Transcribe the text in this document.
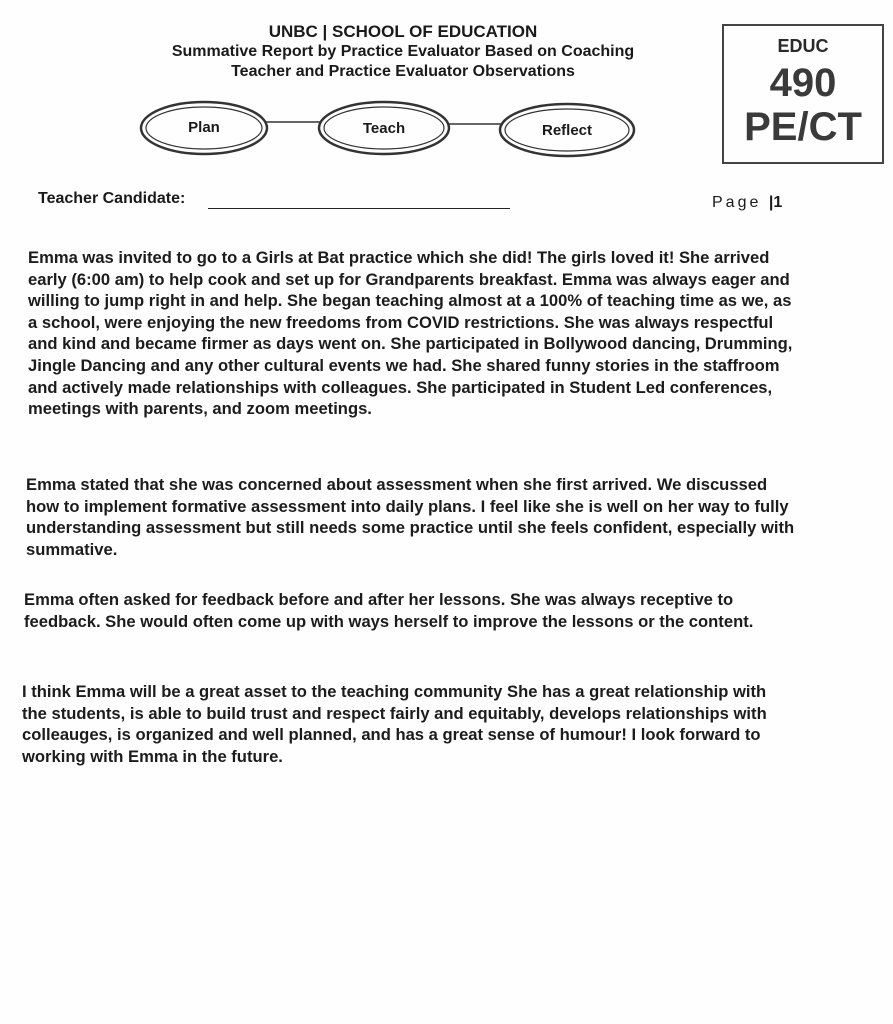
UNBC | SCHOOL OF EDUCATION
Summative Report by Practice Evaluator Based on Coaching
Teacher and Practice Evaluator Observations
EDUC
490
PE/CT
Plan	Teach	Reflect
Teacher Candidate:	Page |1

Emma was invited to go to a Girls at Bat practice which she did! The girls loved it! She arrived early (6:00 am) to help cook and set up for Grandparents breakfast. Emma was always eager and willing to jump right in and help. She began teaching almost at a 100% of teaching time as we, as a school, were enjoying the new freedoms from COVID restrictions. She was always respectful and kind and became firmer as days went on. She participated in Bollywood dancing, Drumming, Jingle Dancing and any other cultural events we had. She shared funny stories in the staffroom and actively made relationships with colleagues. She participated in Student Led conferences, meetings with parents, and zoom meetings.

Emma stated that she was concerned about assessment when she first arrived. We discussed how to implement formative assessment into daily plans. I feel like she is well on her way to fully understanding assessment but still needs some practice until she feels confident, especially with summative.

Emma often asked for feedback before and after her lessons. She was always receptive to feedback. She would often come up with ways herself to improve the lessons or the content.

I think Emma will be a great asset to the teaching community She has a great relationship with the students, is able to build trust and respect fairly and equitably, develops relationships with colleauges, is organized and well planned, and has a great sense of humour! I look forward to working with Emma in the future.
